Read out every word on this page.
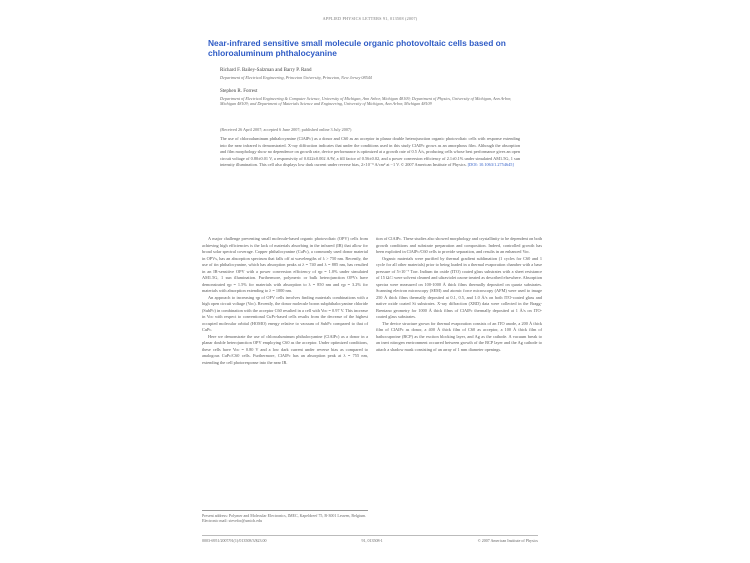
APPLIED PHYSICS LETTERS 91, 013508 (2007)
Near-infrared sensitive small molecule organic photovoltaic cells based on chloroaluminum phthalocyanine
Richard F. Bailey-Salzman and Barry P. Rand
Department of Electrical Engineering, Princeton University, Princeton, New Jersey 08544
Stephen R. Forrest
Department of Electrical Engineering & Computer Science, University of Michigan, Ann Arbor, Michigan 48109; Department of Physics, University of Michigan, Ann Arbor, Michigan 48109; and Department of Materials Science and Engineering, University of Michigan, Ann Arbor, Michigan 48109
(Received 26 April 2007; accepted 6 June 2007; published online 3 July 2007)
The use of chloroaluminum phthalocyanine (ClAlPc) as a donor and C60 as an acceptor in planar double heterojunction organic photovoltaic cells with response extending into the near infrared is demonstrated. X-ray diffraction indicates that under the conditions used in this study ClAlPc grows as an amorphous film. Although the absorption and film morphology show no dependence on growth rate, device performance is optimized at a growth rate of 0.5 Å/s, producing cells whose best performance gives an open circuit voltage of 0.80±0.01 V, a responsivity of 0.022±0.002 A/W, a fill factor of 0.56±0.02, and a power conversion efficiency of 2.1±0.1% under simulated AM1.5G, 1 sun intensity illumination. This cell also displays low dark current under reverse bias, 2×10⁻⁹ A/cm² at −1 V. © 2007 American Institute of Physics. [DOI: 10.1063/1.2754645]

A major challenge preventing small molecule-based organic photovoltaic (OPV) cells from achieving high efficiencies is the lack of materials absorbing in the infrared (IR) that allow for broad solar spectral coverage. Copper phthalocyanine (CuPc), a commonly used donor material in OPVs, has an absorption spectrum that falls off at wavelengths of λ > 750 nm. Recently, the use of tin phthalocyanine, which has absorption peaks at λ = 740 and λ = 885 nm, has resulted in an IR-sensitive OPV with a power conversion efficiency of ηp = 1.0% under simulated AM1.5G, 1 sun illumination. Furthermore, polymeric or bulk heterojunction OPVs have demonstrated ηp = 1.5% for materials with absorption to λ = 850 nm and ηp = 3.2% for materials with absorption extending to λ = 1000 nm.

An approach to increasing ηp of OPV cells involves finding materials combinations with a high open circuit voltage (Voc). Recently, the donor molecule boron subphthalocyanine chloride (SubPc) in combination with the acceptor C60 resulted in a cell with Voc = 0.97 V. This increase in Voc with respect to conventional CuPc-based cells results from the decrease of the highest occupied molecular orbital (HOMO) energy relative to vacuum of SubPc compared to that of CuPc.

Here we demonstrate the use of chloroaluminum phthalocyanine (ClAlPc) as a donor in a planar double heterojunction OPV employing C60 as the acceptor. Under optimized conditions, these cells have Voc = 0.80 V and a low dark current under reverse bias as compared to analogous CuPc/C60 cells. Furthermore, ClAlPc has an absorption peak at λ = 755 nm, extending the cell photoresponse into the near IR.

tion of ClAlPc. These studies also showed morphology and crystallinity to be dependent on both growth conditions and substrate preparation and composition. Indeed, controlled growth has been exploited in ClAlPc/C60 cells to provide separation, and results in an enhanced Voc.

Organic materials were purified by thermal gradient sublimation (1 cycles for C60 and 1 cycle for all other materials) prior to being loaded in a thermal evaporation chamber with a base pressure of 5×10⁻⁷ Torr. Indium tin oxide (ITO) coated glass substrates with a sheet resistance of 15 Ω/□ were solvent cleaned and ultraviolet ozone treated as described elsewhere. Absorption spectra were measured on 100-1000 Å thick films thermally deposited on quartz substrates. Scanning electron microscopy (SEM) and atomic force microscopy (AFM) were used to image 250 Å thick films thermally deposited at 0.1, 0.5, and 1.0 Å/s on both ITO-coated glass and native oxide coated Si substrates. X-ray diffraction (XRD) data were collected in the Bragg-Brentano geometry for 1000 Å thick films of ClAlPc thermally deposited at 1 Å/s on ITO-coated glass substrates.

The device structure grown for thermal evaporation consists of an ITO anode, a 200 Å thick film of ClAlPc as donor, a 400 Å thick film of C60 as acceptor, a 100 Å thick film of bathocuproine (BCP) as the exciton blocking layer, and Ag as the cathode. A vacuum break to an inert nitrogen environment occurred between growth of the BCP layer and the Ag cathode to attach a shadow mask consisting of an array of 1 mm diameter openings.

Present address: Polymer and Molecular Electronics, IMEC, Kapeldreef 75, B-3001 Leuven, Belgium.
Electronic mail: stevefor@umich.edu
0003-6951/2007/91(1)/013508/3/$23.00	91, 013508-1	© 2007 American Institute of Physics
